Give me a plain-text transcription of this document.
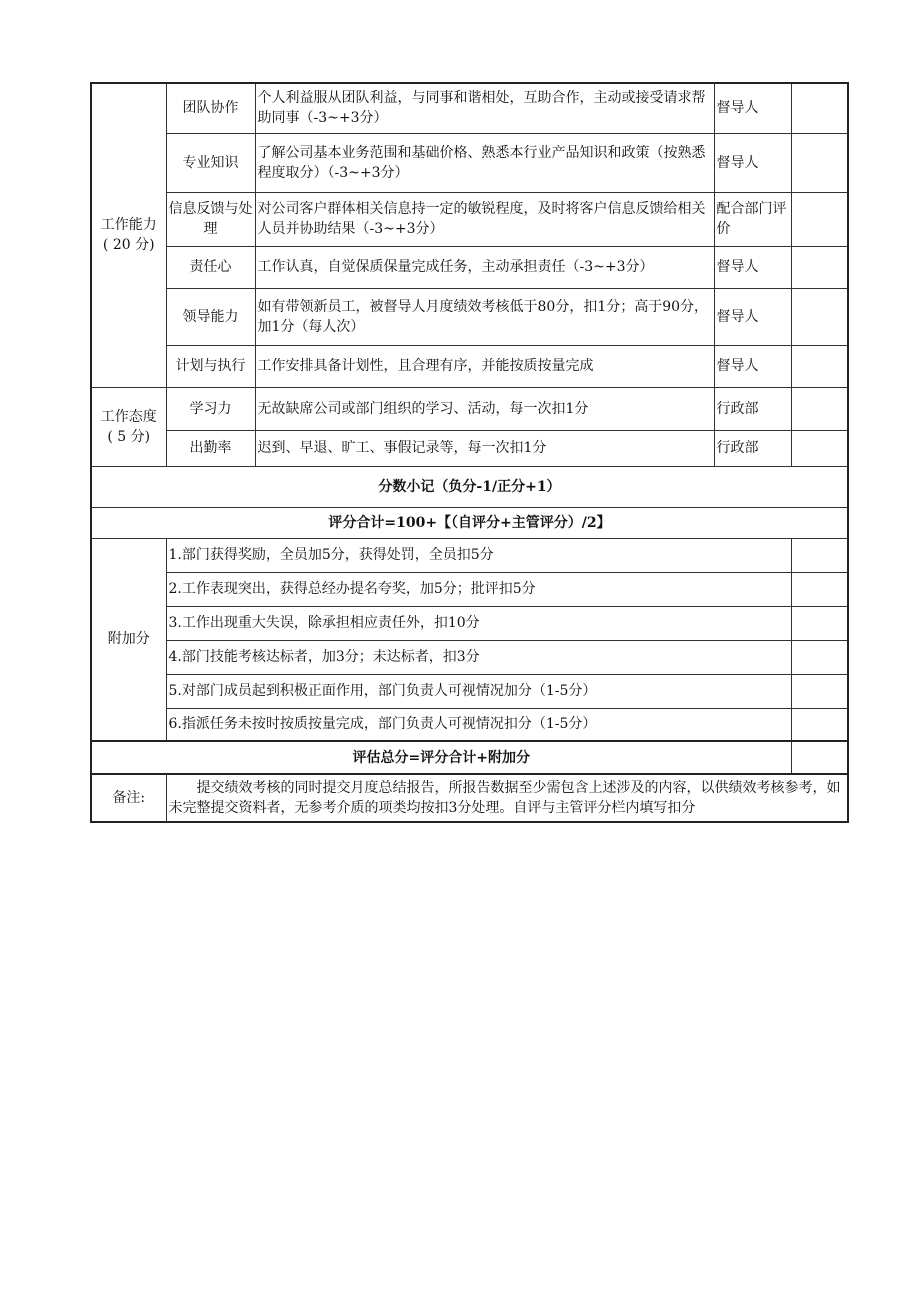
工作能力
( 20 分)	团队协作	个人利益服从团队利益，与同事和谐相处，互助合作，主动或接受请求帮助同事（-3~+3分）	督导人	
	专业知识	了解公司基本业务范围和基础价格、熟悉本行业产品知识和政策（按熟悉程度取分）（-3~+3分）	督导人	
	信息反馈与处理	对公司客户群体相关信息持一定的敏锐程度，及时将客户信息反馈给相关人员并协助结果（-3~+3分）	配合部门评价	
	责任心	工作认真，自觉保质保量完成任务，主动承担责任（-3~+3分）	督导人	
	领导能力	如有带领新员工，被督导人月度绩效考核低于80分，扣1分；高于90分，加1分（每人次）	督导人	
	计划与执行	工作安排具备计划性，且合理有序，并能按质按量完成	督导人	

工作态度
( 5 分)	学习力	无故缺席公司或部门组织的学习、活动，每一次扣1分	行政部	
	出勤率	迟到、早退、旷工、事假记录等，每一次扣1分	行政部	
分数小记（负分-1/正分+1）				
评分合计=100+【（自评分+主管评分）/2】				
附加分	1.部门获得奖励，全员加5分，获得处罚，全员扣5分			
	2.工作表现突出，获得总经办提名夸奖，加5分；批评扣5分			
	3.工作出现重大失误，除承担相应责任外，扣10分			
	4.部门技能考核达标者，加3分；未达标者，扣3分			
	5.对部门成员起到积极正面作用，部门负责人可视情况加分（1-5分）			
	6.指派任务未按时按质按量完成，部门负责人可视情况扣分（1-5分）			
评估总分=评分合计+附加分				
备注:	提交绩效考核的同时提交月度总结报告，所报告数据至少需包含上述涉及的内容，以供绩效考核参考，如未完整提交资料者，无参考介质的项类均按扣3分处理。自评与主管评分栏内填写扣分			
